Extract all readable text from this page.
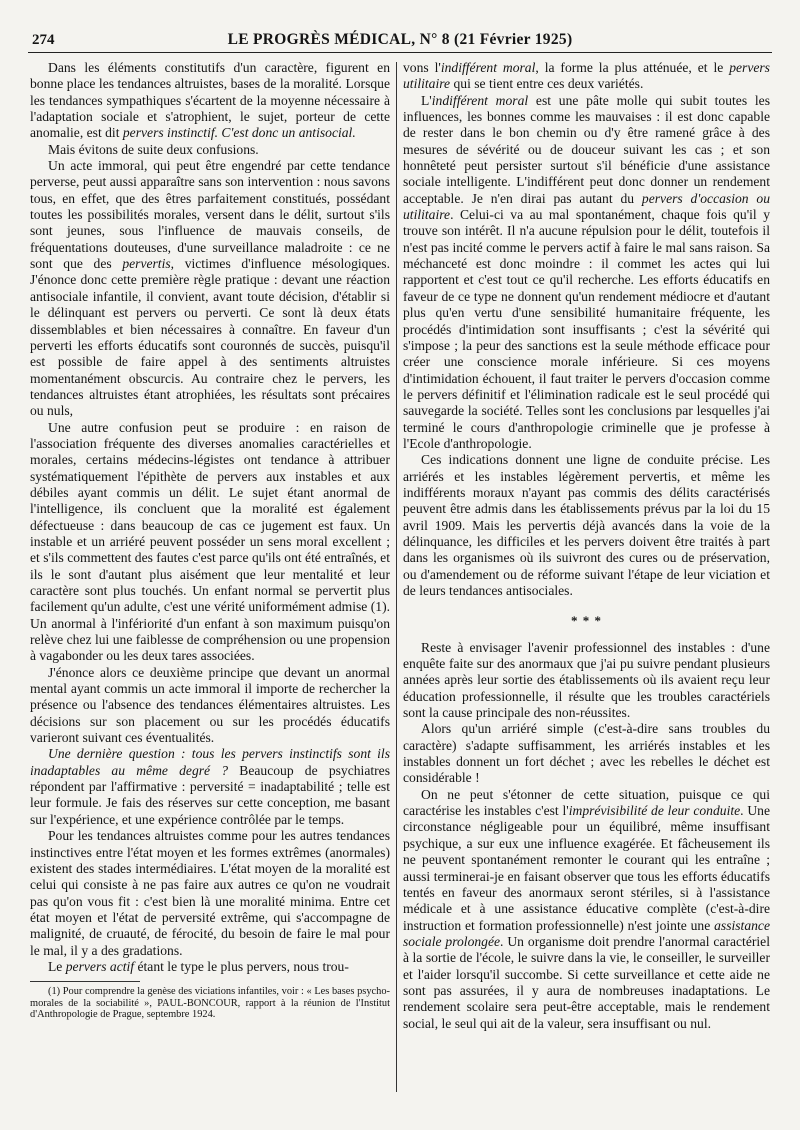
274	LE PROGRÈS MÉDICAL, N° 8 (21 Février 1925)

Dans les éléments constitutifs d'un caractère, figurent en bonne place les tendances altruistes, bases de la moralité. Lorsque les tendances sympathiques s'écartent de la moyenne nécessaire à l'adaptation sociale et s'atrophient, le sujet, porteur de cette anomalie, est dit pervers instinctif. C'est donc un antisocial.

Mais évitons de suite deux confusions.

Un acte immoral, qui peut être engendré par cette tendance perverse, peut aussi apparaître sans son intervention : nous savons tous, en effet, que des êtres parfaitement constitués, possédant toutes les possibilités morales, versent dans le délit, surtout s'ils sont jeunes, sous l'influence de mauvais conseils, de fréquentations douteuses, d'une surveillance maladroite : ce ne sont que des pervertis, victimes d'influence mésologiques. J'énonce donc cette première règle pratique : devant une réaction antisociale infantile, il convient, avant toute décision, d'établir si le délinquant est pervers ou perverti. Ce sont là deux états dissemblables et bien nécessaires à connaître. En faveur d'un perverti les efforts éducatifs sont couronnés de succès, puisqu'il est possible de faire appel à des sentiments altruistes momentanément obscurcis. Au contraire chez le pervers, les tendances altruistes étant atrophiées, les résultats sont précaires ou nuls,

Une autre confusion peut se produire : en raison de l'association fréquente des diverses anomalies caractérielles et morales, certains médecins-légistes ont tendance à attribuer systématiquement l'épithète de pervers aux instables et aux débiles ayant commis un délit. Le sujet étant anormal de l'intelligence, ils concluent que la moralité est également défectueuse : dans beaucoup de cas ce jugement est faux. Un instable et un arriéré peuvent posséder un sens moral excellent ; et s'ils commettent des fautes c'est parce qu'ils ont été entraînés, et ils le sont d'autant plus aisément que leur mentalité et leur caractère sont plus touchés. Un enfant normal se pervertit plus facilement qu'un adulte, c'est une vérité uniformément admise (1). Un anormal à l'infériorité d'un enfant à son maximum puisqu'on relève chez lui une faiblesse de compréhension ou une propension à vagabonder ou les deux tares associées.

J'énonce alors ce deuxième principe que devant un anormal mental ayant commis un acte immoral il importe de rechercher la présence ou l'absence des tendances élémentaires altruistes. Les décisions sur son placement ou sur les procédés éducatifs varieront suivant ces éventualités.

Une dernière question : tous les pervers instinctifs sont ils inadaptables au même degré ? Beaucoup de psychiatres répondent par l'affirmative : perversité = inadaptabilité ; telle est leur formule. Je fais des réserves sur cette conception, me basant sur l'expérience, et une expérience contrôlée par le temps.

Pour les tendances altruistes comme pour les autres tendances instinctives entre l'état moyen et les formes extrêmes (anormales) existent des stades intermédiaires. L'état moyen de la moralité est celui qui consiste à ne pas faire aux autres ce qu'on ne voudrait pas qu'on vous fit : c'est bien là une moralité minima. Entre cet état moyen et l'état de perversité extrême, qui s'accompagne de malignité, de cruauté, de férocité, du besoin de faire le mal pour le mal, il y a des gradations.

Le pervers actif étant le type le plus pervers, nous trou-

(1) Pour comprendre la genèse des viciations infantiles, voir : « Les bases psycho-morales de la sociabilité », PAUL-BONCOUR, rapport à la réunion de l'Institut d'Anthropologie de Prague, septembre 1924.

vons l'indifférent moral, la forme la plus atténuée, et le pervers utilitaire qui se tient entre ces deux variétés.

L'indifférent moral est une pâte molle qui subit toutes les influences, les bonnes comme les mauvaises : il est donc capable de rester dans le bon chemin ou d'y être ramené grâce à des mesures de sévérité ou de douceur suivant les cas ; et son honnêteté peut persister surtout s'il bénéficie d'une assistance sociale intelligente. L'indifférent peut donc donner un rendement acceptable. Je n'en dirai pas autant du pervers d'occasion ou utilitaire. Celui-ci va au mal spontanément, chaque fois qu'il y trouve son intérêt. Il n'a aucune répulsion pour le délit, toutefois il n'est pas incité comme le pervers actif à faire le mal sans raison. Sa méchanceté est donc moindre : il commet les actes qui lui rapportent et c'est tout ce qu'il recherche. Les efforts éducatifs en faveur de ce type ne donnent qu'un rendement médiocre et d'autant plus qu'en vertu d'une sensibilité humanitaire fréquente, les procédés d'intimidation sont insuffisants ; c'est la sévérité qui s'impose ; la peur des sanctions est la seule méthode efficace pour créer une conscience morale inférieure. Si ces moyens d'intimidation échouent, il faut traiter le pervers d'occasion comme le pervers définitif et l'élimination radicale est le seul procédé qui sauvegarde la société. Telles sont les conclusions par lesquelles j'ai terminé le cours d'anthropologie criminelle que je professe à l'Ecole d'anthropologie.

Ces indications donnent une ligne de conduite précise. Les arriérés et les instables légèrement pervertis, et même les indifférents moraux n'ayant pas commis des délits caractérisés peuvent être admis dans les établissements prévus par la loi du 15 avril 1909. Mais les pervertis déjà avancés dans la voie de la délinquance, les difficiles et les pervers doivent être traités à part dans les organismes où ils suivront des cures ou de préservation, ou d'amendement ou de réforme suivant l'étape de leur viciation et de leurs tendances antisociales.

* * *

Reste à envisager l'avenir professionnel des instables : d'une enquête faite sur des anormaux que j'ai pu suivre pendant plusieurs années après leur sortie des établissements où ils avaient reçu leur éducation professionnelle, il résulte que les troubles caractériels sont la cause principale des non-réussites.

Alors qu'un arriéré simple (c'est-à-dire sans troubles du caractère) s'adapte suffisamment, les arriérés instables et les instables donnent un fort déchet ; avec les rebelles le déchet est considérable !

On ne peut s'étonner de cette situation, puisque ce qui caractérise les instables c'est l'imprévisibilité de leur conduite. Une circonstance négligeable pour un équilibré, même insuffisant psychique, a sur eux une influence exagérée. Et fâcheusement ils ne peuvent spontanément remonter le courant qui les entraîne ; aussi terminerai-je en faisant observer que tous les efforts éducatifs tentés en faveur des anormaux seront stériles, si à l'assistance médicale et à une assistance éducative complète (c'est-à-dire instruction et formation professionnelle) n'est jointe une assistance sociale prolongée. Un organisme doit prendre l'anormal caractériel à la sortie de l'école, le suivre dans la vie, le conseiller, le surveiller et l'aider lorsqu'il succombe. Si cette surveillance et cette aide ne sont pas assurées, il y aura de nombreuses inadaptations. Le rendement scolaire sera peut-être acceptable, mais le rendement social, le seul qui ait de la valeur, sera insuffisant ou nul.
